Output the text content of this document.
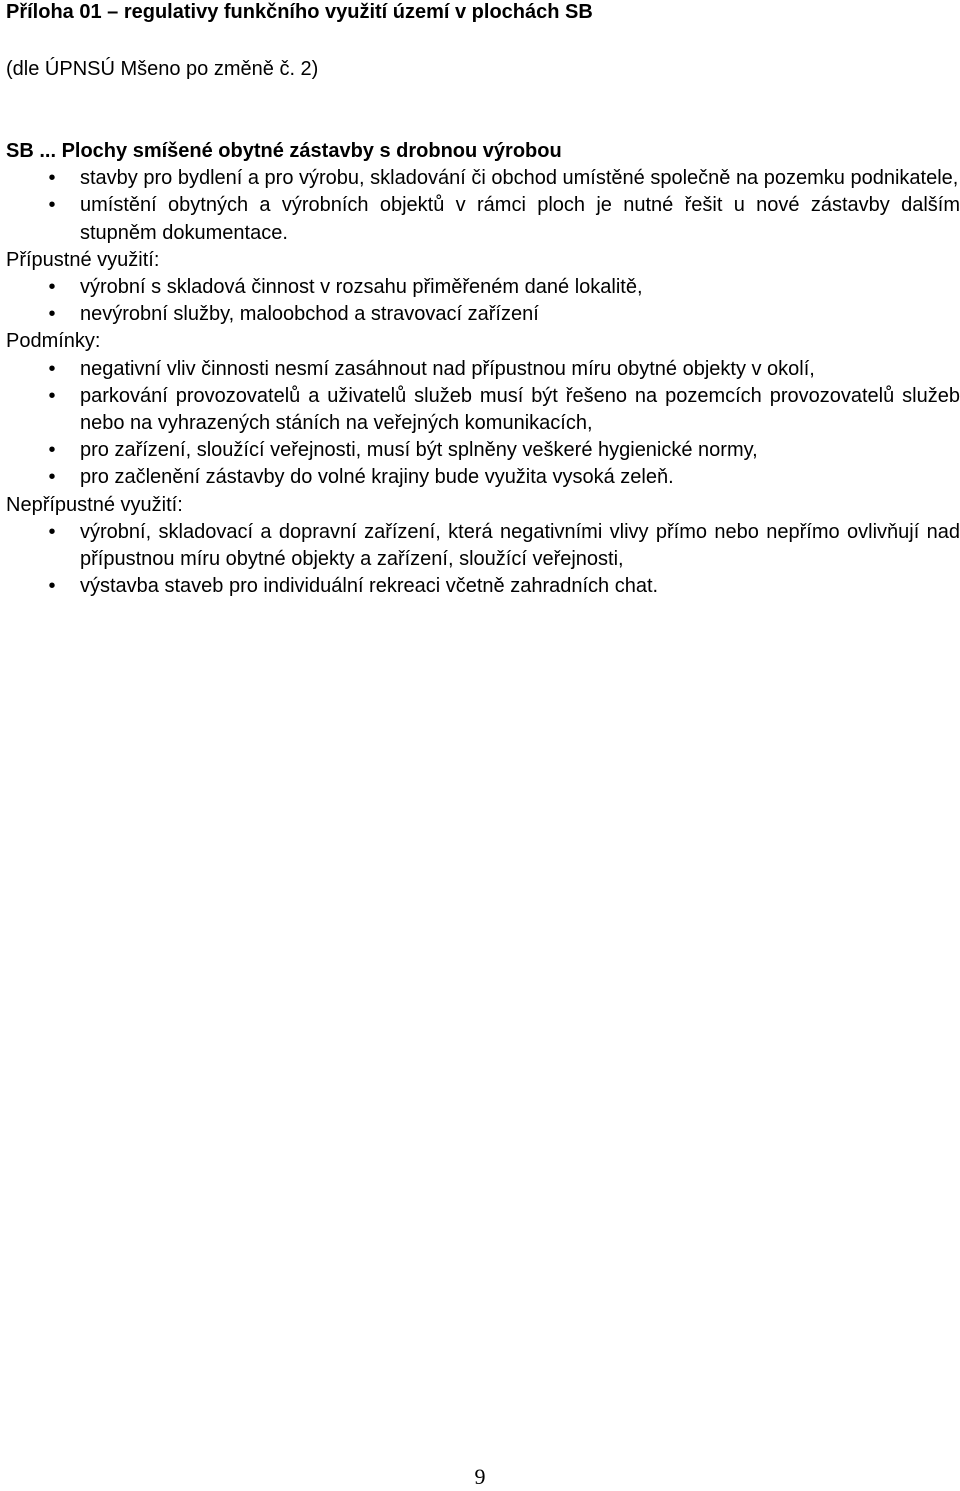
Příloha 01 – regulativy funkčního využití území v plochách SB
(dle ÚPNSÚ Mšeno po změně č. 2)
SB ... Plochy smíšené obytné zástavby s drobnou výrobou
•
stavby pro bydlení a pro výrobu, skladování či obchod umístěné společně na pozemku podnikatele,
•
umístění obytných a výrobních objektů v rámci ploch je nutné řešit u nové zástavby dalším stupněm dokumentace.
Přípustné využití:
•
výrobní s skladová činnost v rozsahu přiměřeném dané lokalitě,
•
nevýrobní služby, maloobchod a stravovací zařízení
Podmínky:
•
negativní vliv činnosti nesmí zasáhnout nad přípustnou míru obytné objekty v okolí,
•
parkování provozovatelů a uživatelů služeb musí být řešeno na pozemcích provozovatelů služeb nebo na vyhrazených stáních na veřejných komunikacích,
•
pro zařízení, sloužící veřejnosti, musí být splněny veškeré hygienické normy,
•
pro začlenění zástavby do volné krajiny bude využita vysoká zeleň.
Nepřípustné využití:
•
výrobní, skladovací a dopravní zařízení, která negativními vlivy přímo nebo nepřímo ovlivňují nad přípustnou míru obytné objekty a zařízení, sloužící veřejnosti,
•
výstavba staveb pro individuální rekreaci včetně zahradních chat.
9
